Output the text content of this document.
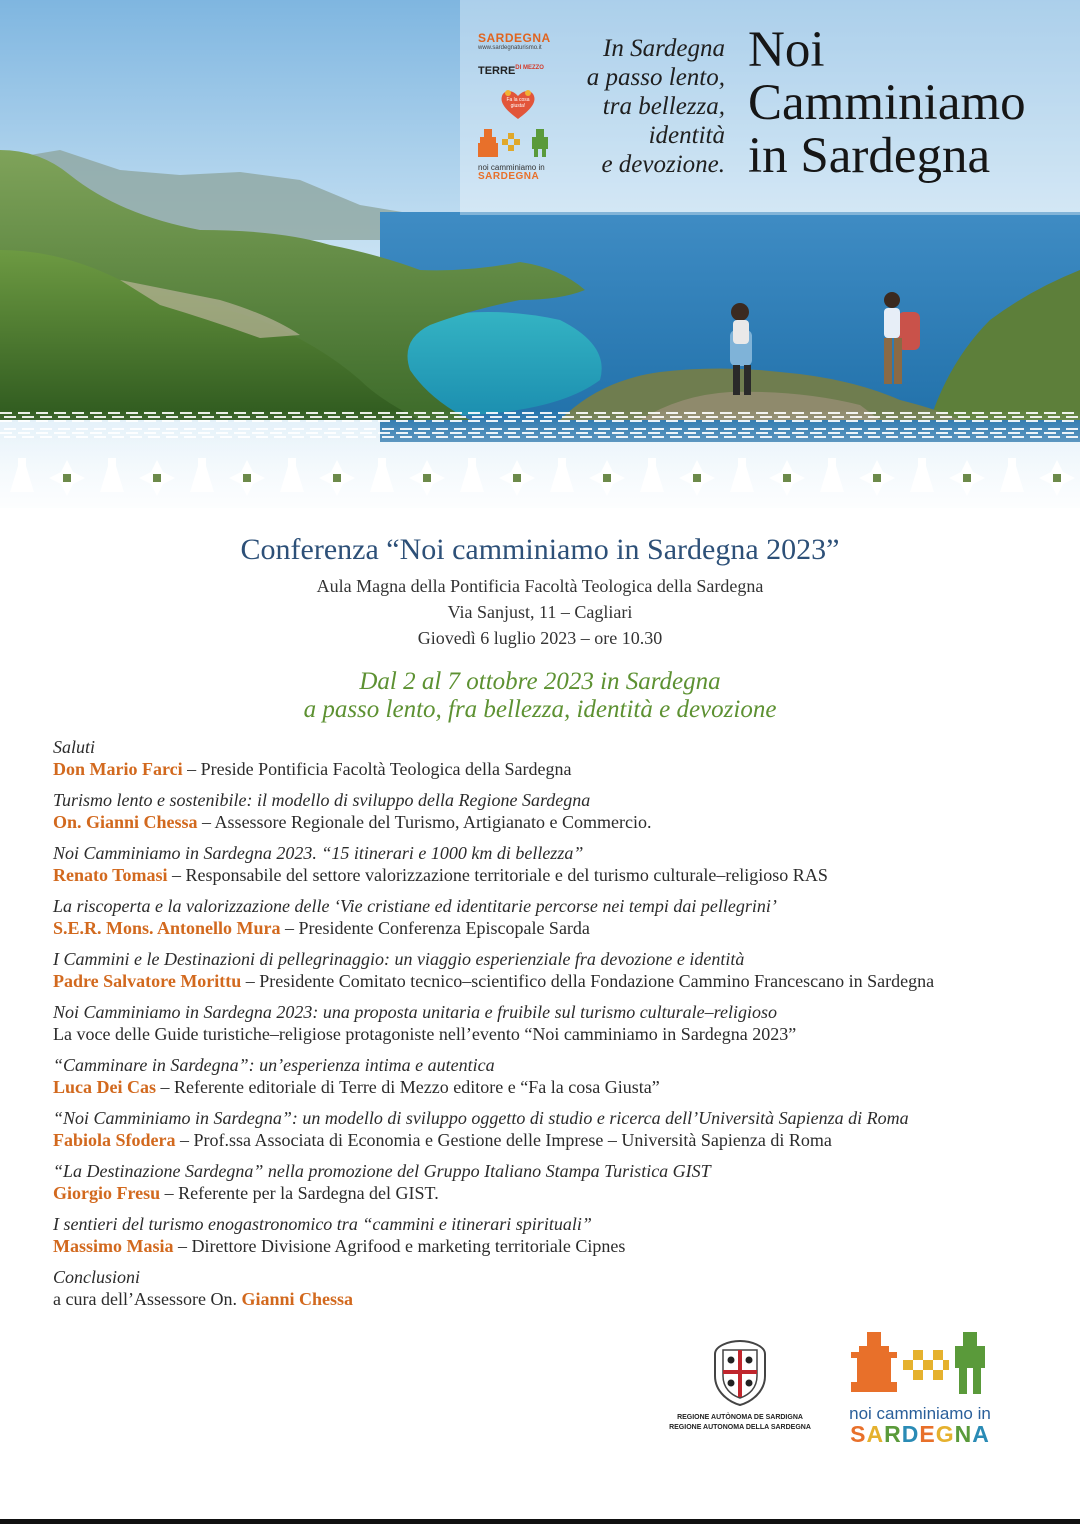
SARDEGNA
www.sardegnaturismo.it
$TERRE^{DI MEZZO}$
Fa la cosa giusta!
noi camminiamo in
SARDEGNA
In Sardegna
a passo lento,
tra bellezza,
identità
e devozione.
Noi
Camminiamo
in Sardegna
Conferenza “Noi camminiamo in Sardegna 2023”
Aula Magna della Pontificia Facoltà Teologica della Sardegna
Via Sanjust, 11 – Cagliari
Giovedì 6 luglio 2023 – ore 10.30
Dal 2 al 7 ottobre 2023 in Sardegna
a passo lento, fra bellezza, identità e devozione
Saluti
Don Mario Farci – Preside Pontificia Facoltà Teologica della Sardegna
Turismo lento e sostenibile: il modello di sviluppo della Regione Sardegna
On. Gianni Chessa – Assessore Regionale del Turismo, Artigianato e Commercio.
Noi Camminiamo in Sardegna 2023. “15 itinerari e 1000 km di bellezza”
Renato Tomasi – Responsabile del settore valorizzazione territoriale e del turismo culturale–religioso RAS
La riscoperta e la valorizzazione delle ‘Vie cristiane ed identitarie percorse nei tempi dai pellegrini’
S.E.R. Mons. Antonello Mura – Presidente Conferenza Episcopale Sarda
I Cammini e le Destinazioni di pellegrinaggio: un viaggio esperienziale fra devozione e identità
Padre Salvatore Morittu – Presidente Comitato tecnico–scientifico della Fondazione Cammino Francescano in Sardegna
Noi Camminiamo in Sardegna 2023: una proposta unitaria e fruibile sul turismo culturale–religioso
La voce delle Guide turistiche–religiose protagoniste nell’evento “Noi camminiamo in Sardegna 2023”
“Camminare in Sardegna”: un’esperienza intima e autentica
Luca Dei Cas – Referente editoriale di Terre di Mezzo editore e “Fa la cosa Giusta”
“Noi Camminiamo in Sardegna”: un modello di sviluppo oggetto di studio e ricerca dell’Università Sapienza di Roma
Fabiola Sfodera – Prof.ssa Associata di Economia e Gestione delle Imprese – Università Sapienza di Roma
“La Destinazione Sardegna” nella promozione del Gruppo Italiano Stampa Turistica GIST
Giorgio Fresu – Referente per la Sardegna del GIST.
I sentieri del turismo enogastronomico tra “cammini e itinerari spirituali”
Massimo Masia – Direttore Divisione Agrifood e marketing territoriale Cipnes
Conclusioni
a cura dell’Assessore On. Gianni Chessa
REGIONE AUTÒNOMA DE SARDIGNA
REGIONE AUTONOMA DELLA SARDEGNA
noi camminiamo in
SARDEGNA
